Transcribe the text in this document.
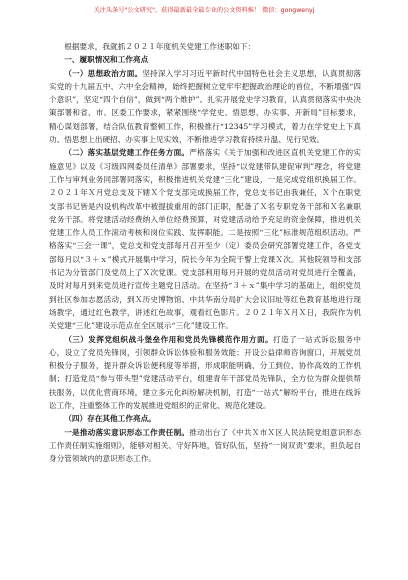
关注头条号"公文研究"，获得最新最全最专业的公文资料推！ 微信：gongwenyj

根据要求，我就抓２０２１年度机关党建工作述职如下：

一、履职情况和工作亮点

（一）思想政治方面。坚持深入学习习近平新时代中国特色社会主义思想，认真贯彻落实党的十九届五中、六中全会精神，始终把握树立党牢牢把握政治理论的首位，不断增强“四个意识”，坚定“四个自信”，做到“两个维护”。扎实开展党史学习教育，认真贯彻落实中央决策部署和省、市、区委工作要求，紧紧围绕“学党史、悟思想、办实事、开新局”目标要求，精心谋划部署，结合队伍教育整顿工作，积极推行“12345”学习模式，着力在学党史上下真功、悟思想上出硬招、办实事上见实效，不断推进学习教育持续升温、见行见效。

（二）落实基层党建工作任务方面。严格落实《关于加强和改进区直机关党建工作的实施意见》以及《习级四网委员任清单》部署要求，坚持“以党建带队建促审判”理念，将党建工作与审判业务同部署同落实，积极推进机关党建“三化”建设，一是完成党组织换届工作。２０２１年Ｘ月党总支及下辖Ｘ个党支部完成换届工作，党总支书记由我兼任，Ｘ个在职党支部书记皆是内设机构改革中被提拔重用的部门正职，配备了Ｘ名专职党务干部和Ｘ名兼职党务干部。将党建活动经费纳入单位经费预算，对党建活动给予充足的资金保障，推进机关党建工作人员工作滚动考核和岗位实践、发挥职能。二是按照“三化”标准规范组织活动。严格落实“三会一课”，党总支和党支部每月召开至少（定）委员会研究部署党建工作，各党支部每月以“３＋ｘ”模式开展集中学习，院长今年为全院干警上党课Ｘ次。其他院领导和支部书记为分管部门及党员上了Ｘ次党课。党支部利用每月开展的党员活动对党员进行全覆盖，及时对每月到来党员进行宣传主题党日活动。在坚持“３＋ｘ”集中学习的基础上，组织党员到社区参加志愿活动，到Ｘ历史博物馆、中共华南分局扩大会议旧址等红色教育基地进行现场教学，通过红色教学，讲述红色故事，观看红色影片。２０２１年Ｘ月Ｘ日，我院作为机关党建“三化”建设示范点在全区展示“三化”建设工作。

（三）发挥党组织战斗堡垒作用和党员先锋模范作用方面。打造了一站式诉讼服务中心，设立了党员先锋岗，引领群众诉讼体验和服务效能；开设公益律师咨询窗口，开展党员积极分子服务，提升群众诉讼便利度等举措，形成职能明确、分工到位、协作高效的工作机制；打造党员“参与带头型”党建活动平台，组建青年干部党员先锋队，全方位为群众提供帮扶服务，以优化营商环境，建立多元化纠纷解决机制，打造“一站式”解纷平台，推进在线诉讼工作，注重整体工作的发展推进党组织的正常化、规范化建设。

（四）存在其他工作亮点。

一是推动落实意识形态工作责任制。推动出台了《中共Ｘ市Ｘ区人民法院党组意识形态工作责任制实施细则》，能够对相关、守好阵地，管好队伍，坚持“一岗双责”要求，担负起自身分管领域内的意识形态工作。
